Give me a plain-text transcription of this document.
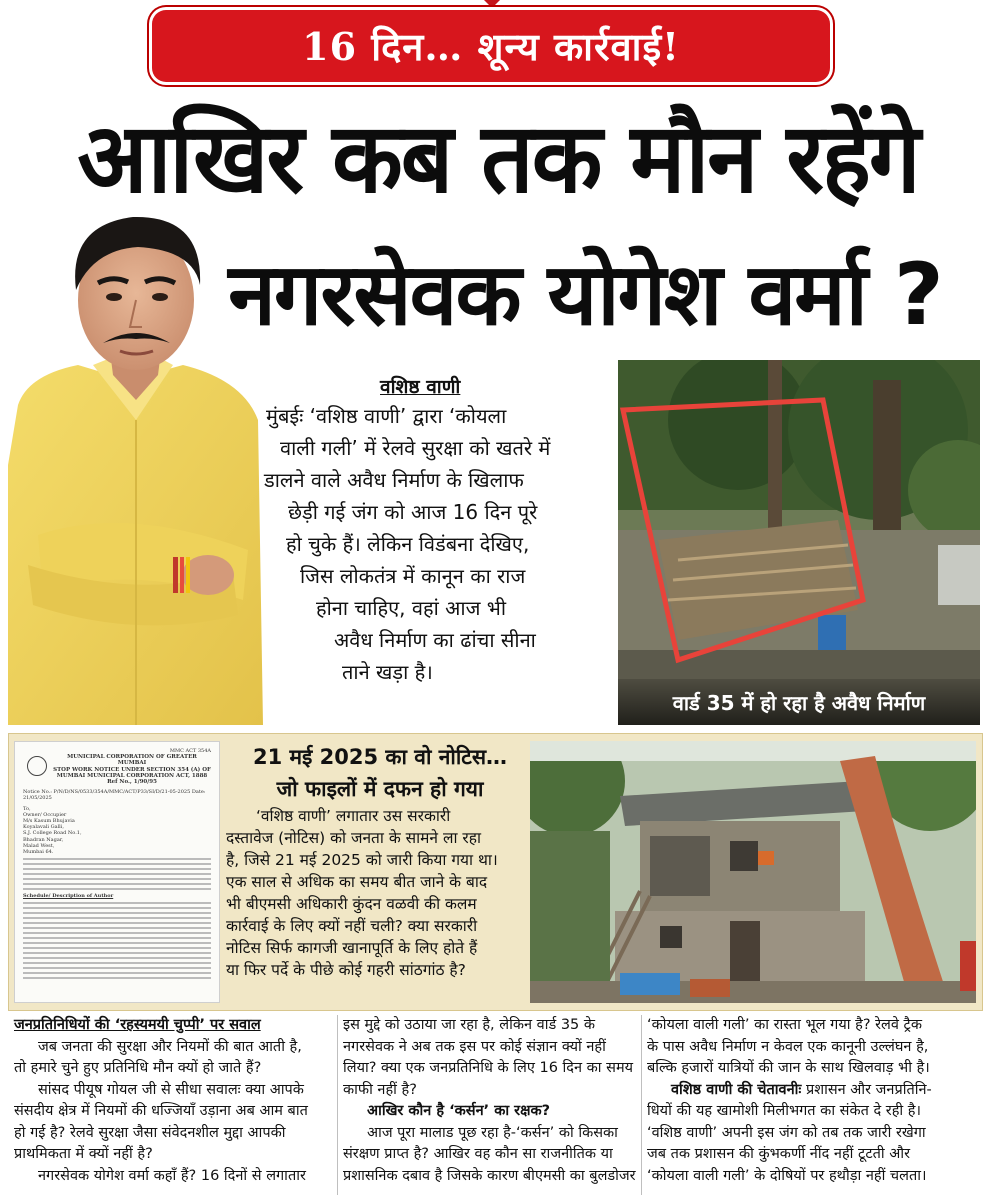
16 दिन… शून्य कार्रवाई!
आखिर कब तक मौन रहेंगे
नगरसेवक योगेश वर्मा ?
वशिष्ठ वाणी
मुंबईः ‘वशिष्ठ वाणी’ द्वारा ‘कोयला
वाली गली’ में रेलवे सुरक्षा को खतरे में
डालने वाले अवैध निर्माण के खिलाफ
छेड़ी गई जंग को आज 16 दिन पूरे
हो चुके हैं। लेकिन विडंबना देखिए,
जिस लोकतंत्र में कानून का राज
होना चाहिए, वहां आज भी
अवैध निर्माण का ढांचा सीना
ताने खड़ा है।
वार्ड 35 में हो रहा है अवैध निर्माण
MMC ACT 354A
MUNICIPAL CORPORATION OF GREATER MUMBAI
STOP WORK NOTICE UNDER SECTION 354 (A) OF
MUMBAI MUNICIPAL CORPORATION ACT, 1888
Ref No., 1/90/95
Notice No.: P/N/D/NS/0533/354A/MMC/ACT/P33/SI/D/21-05-2025 Date: 21/05/2025
To,
Owner/ Occupier
M/s Kasum Bhujavia
Koyalavali Galli,
S.J. College Road No.1,
Bhadran Nagar,
Malad West,
Mumbai 64.
Schedule/ Description of Author
21 मई 2025 का वो नोटिस…
जो फाइलों में दफन हो गया
‘वशिष्ठ वाणी’ लगातार उस सरकारी
दस्तावेज (नोटिस) को जनता के सामने ला रहा
है, जिसे 21 मई 2025 को जारी किया गया था।
एक साल से अधिक का समय बीत जाने के बाद
भी बीएमसी अधिकारी कुंदन वळवी की कलम
कार्रवाई के लिए क्यों नहीं चली? क्या सरकारी
नोटिस सिर्फ कागजी खानापूर्ति के लिए होते हैं
या फिर पर्दे के पीछे कोई गहरी सांठगांठ है?
जनप्रतिनिधियों की ‘रहस्यमयी चुप्पी’ पर सवाल
जब जनता की सुरक्षा और नियमों की बात आती है,
तो हमारे चुने हुए प्रतिनिधि मौन क्यों हो जाते हैं?
सांसद पीयूष गोयल जी से सीधा सवालः क्या आपके
संसदीय क्षेत्र में नियमों की धज्जियाँ उड़ाना अब आम बात
हो गई है? रेलवे सुरक्षा जैसा संवेदनशील मुद्दा आपकी
प्राथमिकता में क्यों नहीं है?
नगरसेवक योगेश वर्मा कहाँ हैं? 16 दिनों से लगातार
इस मुद्दे को उठाया जा रहा है, लेकिन वार्ड 35 के
नगरसेवक ने अब तक इस पर कोई संज्ञान क्यों नहीं
लिया? क्या एक जनप्रतिनिधि के लिए 16 दिन का समय
काफी नहीं है?
आखिर कौन है ‘कर्सन’ का रक्षक?
आज पूरा मालाड पूछ रहा है-‘कर्सन’ को किसका
संरक्षण प्राप्त है? आखिर वह कौन सा राजनीतिक या
प्रशासनिक दबाव है जिसके कारण बीएमसी का बुलडोजर
‘कोयला वाली गली’ का रास्ता भूल गया है? रेलवे ट्रैक
के पास अवैध निर्माण न केवल एक कानूनी उल्लंघन है,
बल्कि हजारों यात्रियों की जान के साथ खिलवाड़ भी है।
वशिष्ठ वाणी की चेतावनीः प्रशासन और जनप्रतिनि-
धियों की यह खामोशी मिलीभगत का संकेत दे रही है।
‘वशिष्ठ वाणी’ अपनी इस जंग को तब तक जारी रखेगा
जब तक प्रशासन की कुंभकर्णी नींद नहीं टूटती और
‘कोयला वाली गली’ के दोषियों पर हथौड़ा नहीं चलता।
